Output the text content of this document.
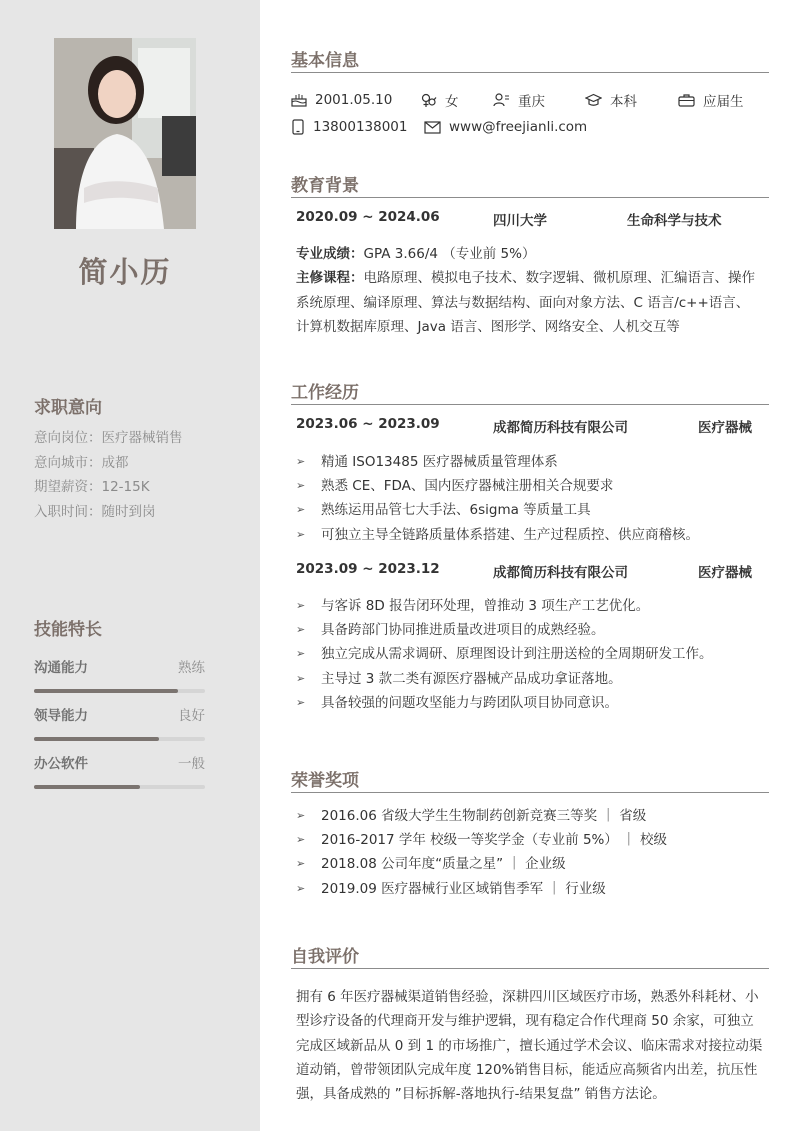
简小历
求职意向
意向岗位：医疗器械销售
意向城市：成都
期望薪资：12-15K
入职时间：随时到岗
技能特长
沟通能力	熟练
领导能力	良好
办公软件	一般
基本信息
2001.05.10	女	重庆	本科	应届生
13800138001	www@freejianli.com
教育背景
2020.09 ~ 2024.06	四川大学	生命科学与技术
专业成绩：GPA 3.66/4 （专业前 5%）
主修课程：电路原理、模拟电子技术、数字逻辑、微机原理、汇编语言、操作
系统原理、编译原理、算法与数据结构、面向对象方法、C 语言/c++语言、
计算机数据库原理、Java 语言、图形学、网络安全、人机交互等
工作经历
2023.06 ~ 2023.09	成都简历科技有限公司	医疗器械
➢ 精通 ISO13485 医疗器械质量管理体系
➢ 熟悉 CE、FDA、国内医疗器械注册相关合规要求
➢ 熟练运用品管七大手法、6sigma 等质量工具
➢ 可独立主导全链路质量体系搭建、生产过程质控、供应商稽核。
2023.09 ~ 2023.12	成都简历科技有限公司	医疗器械
➢ 与客诉 8D 报告闭环处理，曾推动 3 项生产工艺优化。
➢ 具备跨部门协同推进质量改进项目的成熟经验。
➢ 独立完成从需求调研、原理图设计到注册送检的全周期研发工作。
➢ 主导过 3 款二类有源医疗器械产品成功拿证落地。
➢ 具备较强的问题攻坚能力与跨团队项目协同意识。
荣誉奖项
➢ 2016.06 省级大学生生物制药创新竞赛三等奖 ｜ 省级
➢ 2016-2017 学年 校级一等奖学金（专业前 5%） ｜ 校级
➢ 2018.08 公司年度“质量之星” ｜ 企业级
➢ 2019.09 医疗器械行业区域销售季军 ｜ 行业级
自我评价
拥有 6 年医疗器械渠道销售经验，深耕四川区域医疗市场，熟悉外科耗材、小
型诊疗设备的代理商开发与维护逻辑，现有稳定合作代理商 50 余家，可独立
完成区域新品从 0 到 1 的市场推广，擅长通过学术会议、临床需求对接拉动渠
道动销，曾带领团队完成年度 120%销售目标，能适应高频省内出差，抗压性
强，具备成熟的 ”目标拆解-落地执行-结果复盘” 销售方法论。
